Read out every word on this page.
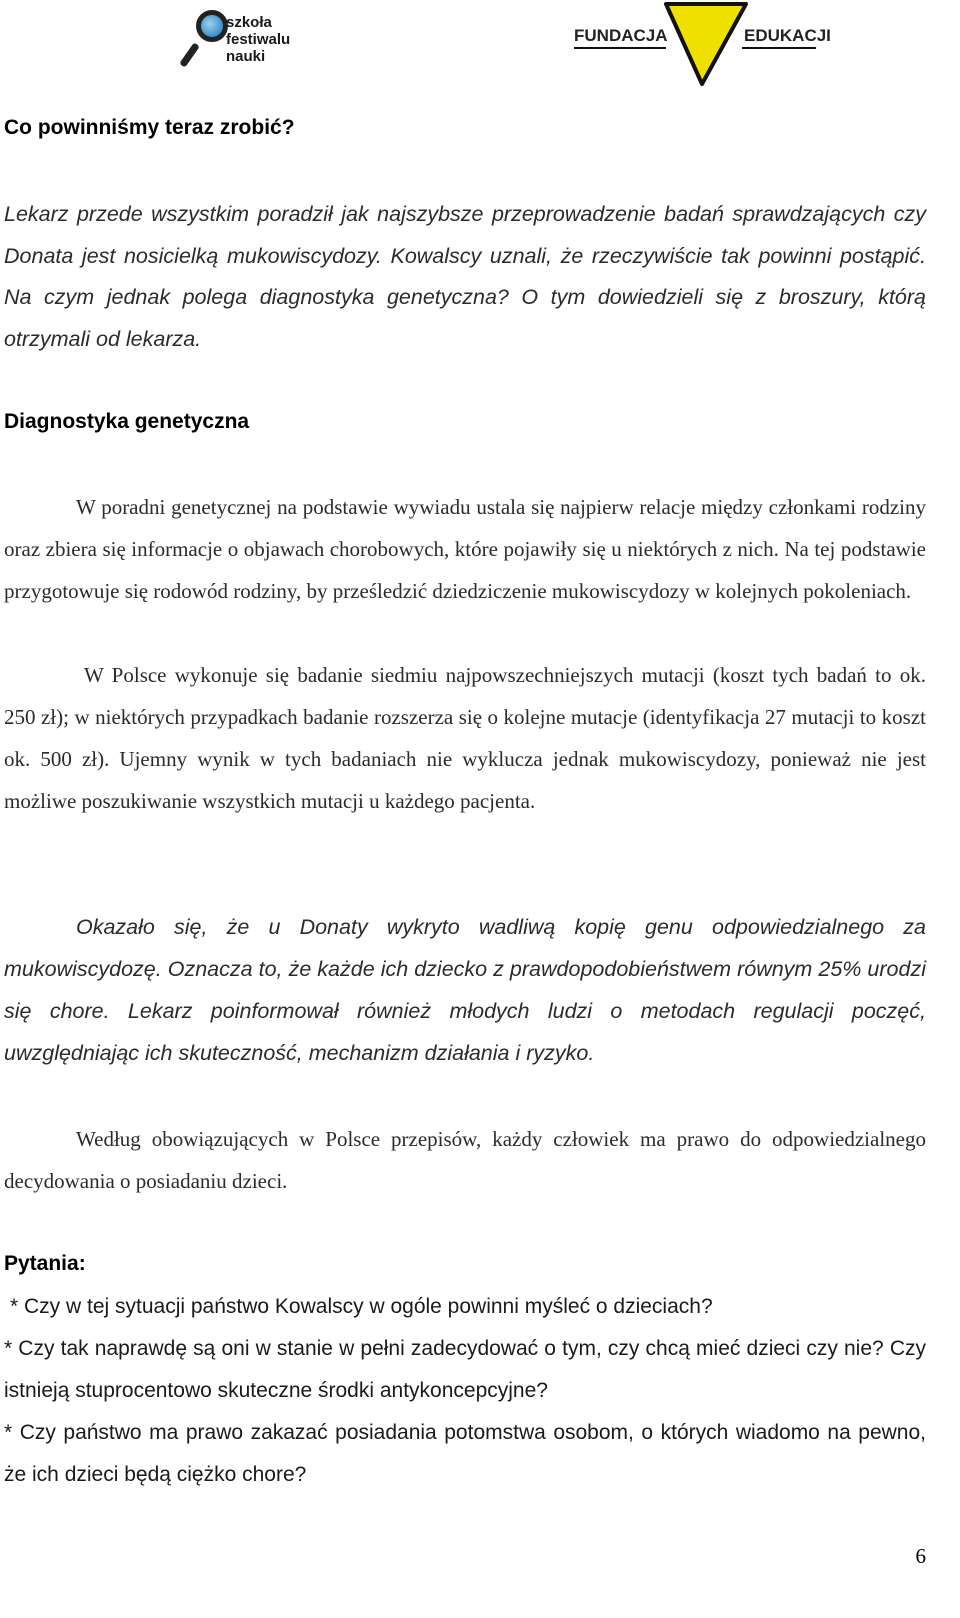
szkoła
festiwalu
nauki
FUNDACJA Bio EDUKACJI
Co powinniśmy teraz zrobić?

Lekarz przede wszystkim poradził jak najszybsze przeprowadzenie badań sprawdzających czy Donata jest nosicielką mukowiscydozy. Kowalscy uznali, że rzeczywiście tak powinni postąpić. Na czym jednak polega diagnostyka genetyczna? O tym dowiedzieli się z broszury, którą otrzymali od lekarza.

Diagnostyka genetyczna

W poradni genetycznej na podstawie wywiadu ustala się najpierw relacje między członkami rodziny oraz zbiera się informacje o objawach chorobowych, które pojawiły się u niektórych z nich. Na tej podstawie przygotowuje się rodowód rodziny, by prześledzić dziedziczenie mukowiscydozy w kolejnych pokoleniach.

W Polsce wykonuje się badanie siedmiu najpowszechniejszych mutacji (koszt tych badań to ok. 250 zł); w niektórych przypadkach badanie rozszerza się o kolejne mutacje (identyfikacja 27 mutacji to koszt ok. 500 zł). Ujemny wynik w tych badaniach nie wyklucza jednak mukowiscydozy, ponieważ nie jest możliwe poszukiwanie wszystkich mutacji u każdego pacjenta.

Okazało się, że u Donaty wykryto wadliwą kopię genu odpowiedzialnego za mukowiscydozę. Oznacza to, że każde ich dziecko z prawdopodobieństwem równym 25% urodzi się chore. Lekarz poinformował również młodych ludzi o metodach regulacji poczęć, uwzględniając ich skuteczność, mechanizm działania i ryzyko.

Według obowiązujących w Polsce przepisów, każdy człowiek ma prawo do odpowiedzialnego decydowania o posiadaniu dzieci.

Pytania:

* Czy w tej sytuacji państwo Kowalscy w ogóle powinni myśleć o dzieciach?

* Czy tak naprawdę są oni w stanie w pełni zadecydować o tym, czy chcą mieć dzieci czy nie? Czy istnieją stuprocentowo skuteczne środki antykoncepcyjne?

* Czy państwo ma prawo zakazać posiadania potomstwa osobom, o których wiadomo na pewno, że ich dzieci będą ciężko chore?

6
